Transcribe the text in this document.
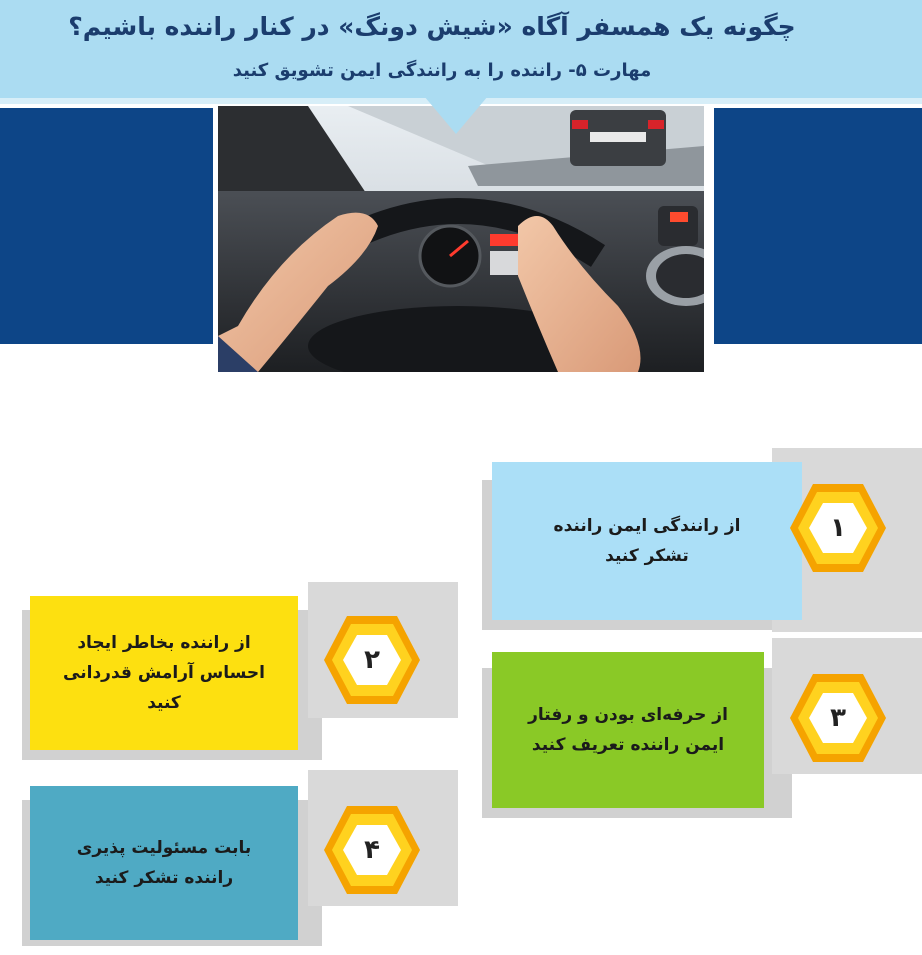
چگونه یک همسفر آگاه «شیش دونگ» در کنار راننده باشیم؟
مهارت ۵- راننده را به رانندگی ایمن تشویق کنید
از رانندگی ایمن راننده
تشکر کنید
۱
از راننده بخاطر ایجاد
احساس آرامش قدردانی
کنید
۲
از حرفه‌ای بودن و رفتار
ایمن راننده تعریف کنید
۳
بابت مسئولیت پذیری
راننده تشکر کنید
۴
